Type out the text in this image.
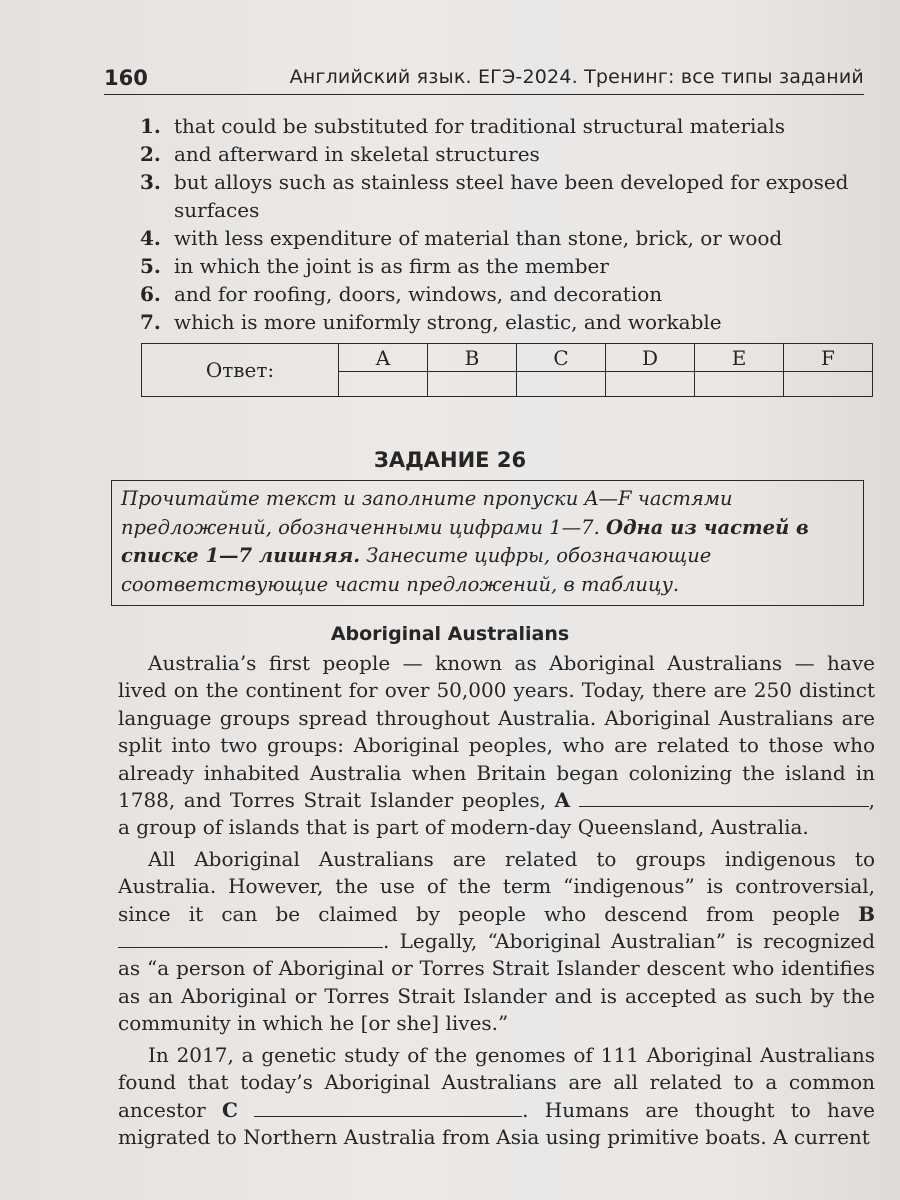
160	Английский язык. ЕГЭ-2024. Тренинг: все типы заданий
1. that could be substituted for traditional structural materials
2. and afterward in skeletal structures
3. but alloys such as stainless steel have been developed for exposed surfaces
4. with less expenditure of material than stone, brick, or wood
5. in which the joint is as firm as the member
6. and for roofing, doors, windows, and decoration
7. which is more uniformly strong, elastic, and workable
Ответ:	A	B	C	D	E	F

ЗАДАНИЕ 26
Прочитайте текст и заполните пропуски A—F частями предложений, обозначенными цифрами 1—7. Одна из частей в списке 1—7 лишняя. Занесите цифры, обозначающие соответствующие части предложений, в таблицу.
Aboriginal Australians

Australia’s first people — known as Aboriginal Australians — have lived on the continent for over 50,000 years. Today, there are 250 distinct language groups spread throughout Australia. Aboriginal Australians are split into two groups: Aboriginal peoples, who are related to those who already inhabited Australia when Britain began colonizing the island in 1788, and Torres Strait Islander peoples, A	, a group of islands that is part of modern-day Queensland, Australia.

All Aboriginal Australians are related to groups indigenous to Australia. However, the use of the term “indigenous” is controversial, since it can be claimed by people who descend from people B . Legally, “Aboriginal Australian” is recognized as “a person of Aboriginal or Torres Strait Islander descent who identifies as an Aboriginal or Torres Strait Islander and is accepted as such by the community in which he [or she] lives.”

In 2017, a genetic study of the genomes of 111 Aboriginal Australians found that today’s Aboriginal Australians are all related to a common ancestor C	. Humans are thought to have migrated to Northern Australia from Asia using primitive boats. A current
